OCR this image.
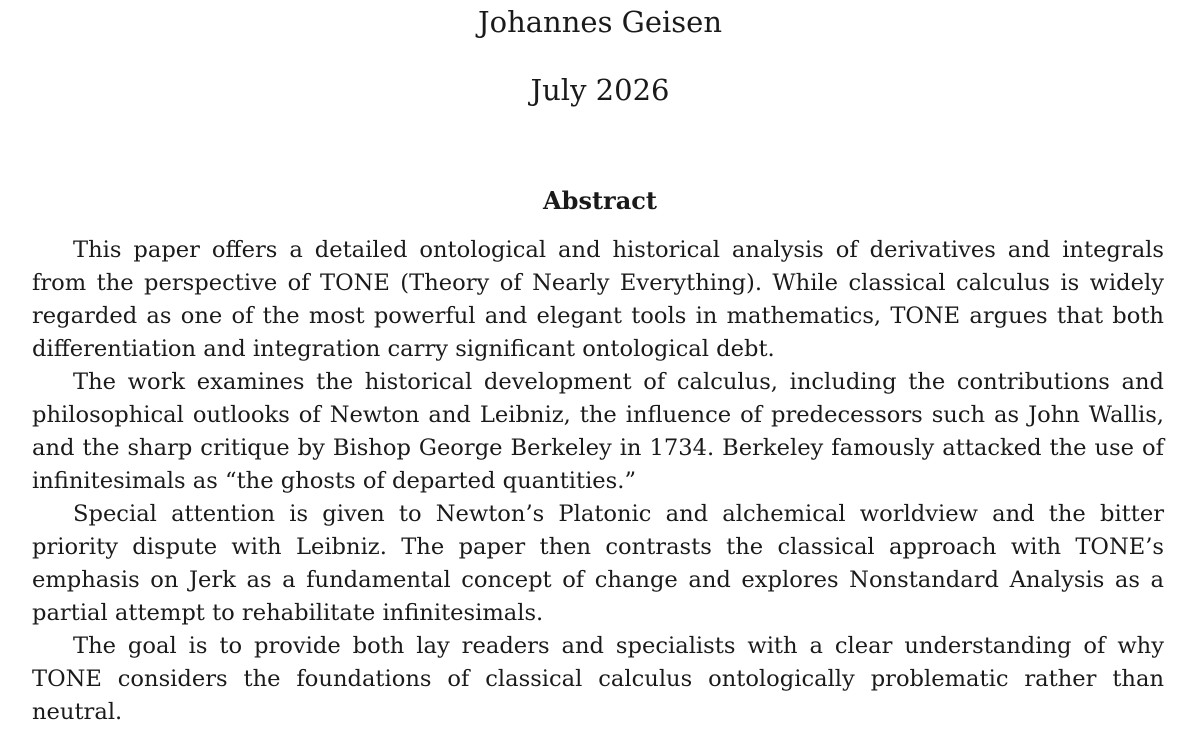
Johannes Geisen
July 2026
Abstract

This paper offers a detailed ontological and historical analysis of derivatives and integrals from the perspective of TONE (Theory of Nearly Everything). While classical calculus is widely regarded as one of the most powerful and elegant tools in mathematics, TONE argues that both differentiation and integration carry significant ontological debt.

The work examines the historical development of calculus, including the contributions and philosophical outlooks of Newton and Leibniz, the influence of predecessors such as John Wallis, and the sharp critique by Bishop George Berkeley in 1734. Berkeley famously attacked the use of infinitesimals as “the ghosts of departed quantities.”

Special attention is given to Newton’s Platonic and alchemical worldview and the bitter priority dispute with Leibniz. The paper then contrasts the classical approach with TONE’s emphasis on Jerk as a fundamental concept of change and explores Nonstandard Analysis as a partial attempt to rehabilitate infinitesimals.

The goal is to provide both lay readers and specialists with a clear understanding of why TONE considers the foundations of classical calculus ontologically problematic rather than neutral.
